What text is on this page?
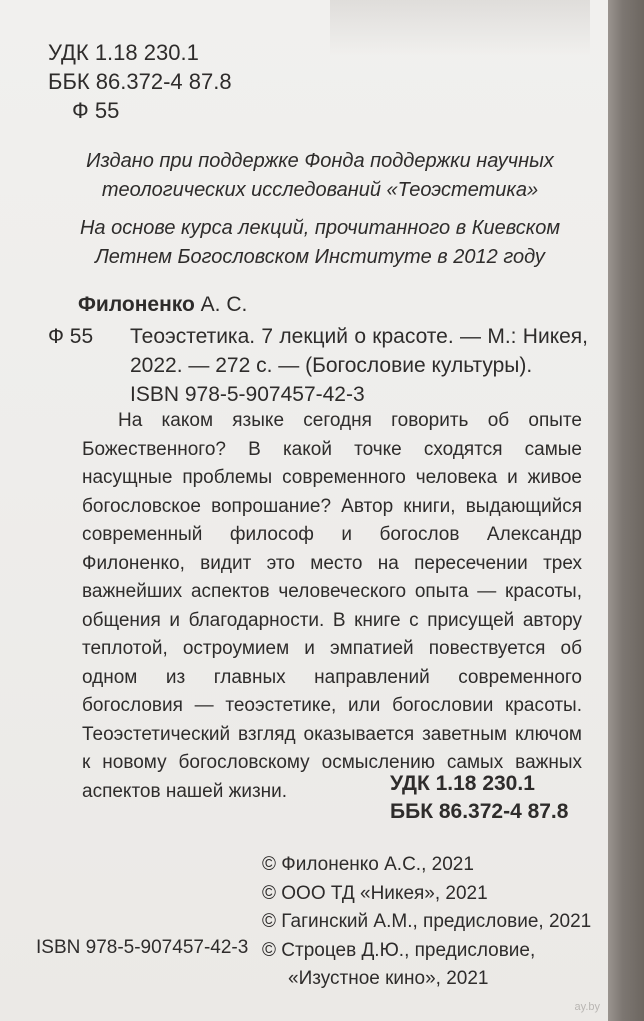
УДК 1.18 230.1
ББК 86.372-4 87.8
Ф 55
Издано при поддержке Фонда поддержки научных
теологических исследований «Теоэстетика»
На основе курса лекций, прочитанного в Киевском
Летнем Богословском Институте в 2012 году
Филоненко А. С.
Ф 55 Теоэстетика. 7 лекций о красоте. — М.: Никея, 2022. — 272 с. — (Богословие культуры).
ISBN 978-5-907457-42-3
На каком языке сегодня говорить об опыте Божественного? В какой точке сходятся самые насущные проблемы современного человека и живое богословское вопрошание? Автор книги, выдающийся современный философ и богослов Александр Филоненко, видит это место на пересечении трех важнейших аспектов человеческого опыта — красоты, общения и благодарности. В книге с присущей автору теплотой, остроумием и эмпатией повествуется об одном из главных направлений современного богословия — теоэстетике, или богословии красоты. Теоэстетический взгляд оказывается заветным ключом к новому богословскому осмыслению самых важных аспектов нашей жизни.	УДК 1.18 230.1
ББК 86.372-4 87.8
© Филоненко А.С., 2021
© ООО ТД «Никея», 2021
© Гагинский А.М., предисловие, 2021
© Строцев Д.Ю., предисловие,
«Изустное кино», 2021
ISBN 978-5-907457-42-3
ay.by
